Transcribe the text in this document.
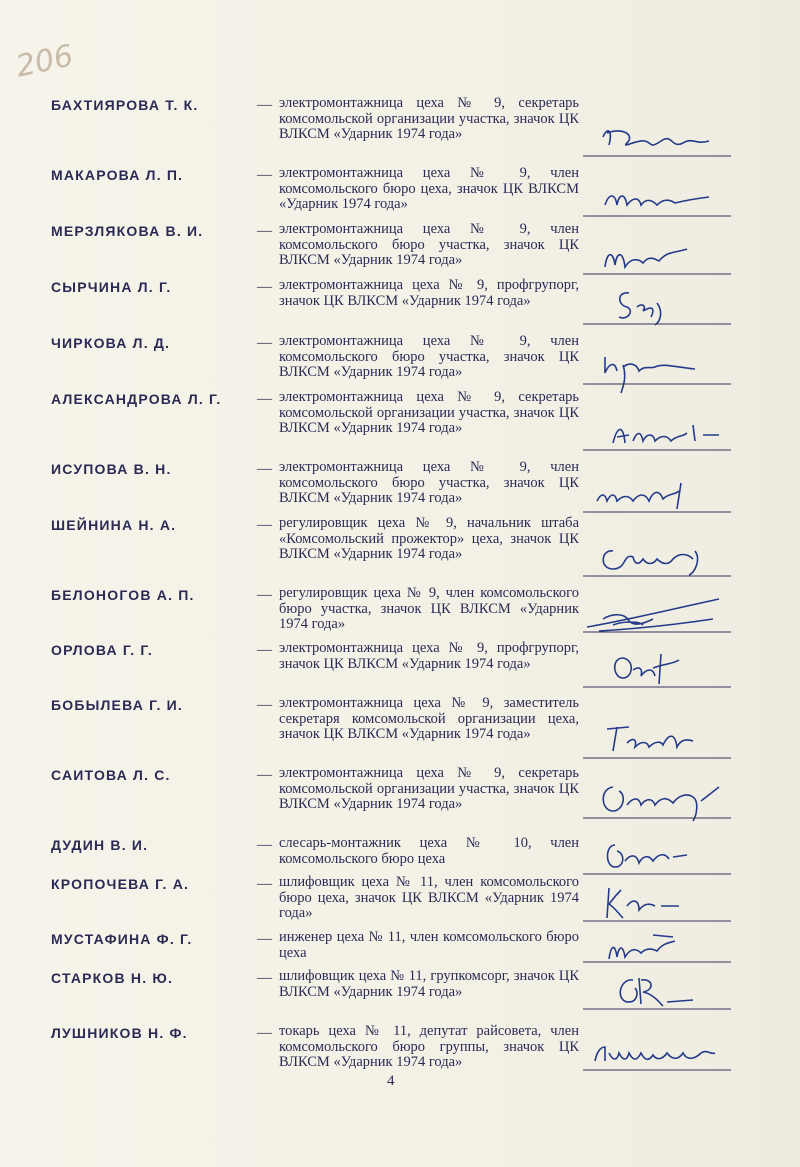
206
БАХТИЯРОВА Т. К.	— электромонтажница цеха № 9, секретарь комсомольской организации участка, значок ЦК ВЛКСМ «Ударник 1974 года»
МАКАРОВА Л. П.	— электромонтажница цеха № 9, член комсомольского бюро цеха, значок ЦК ВЛКСМ «Ударник 1974 года»
МЕРЗЛЯКОВА В. И.	— электромонтажница цеха № 9, член комсомольского бюро участка, значок ЦК ВЛКСМ «Ударник 1974 года»
СЫРЧИНА Л. Г.	— электромонтажница цеха № 9, профгрупорг, значок ЦК ВЛКСМ «Ударник 1974 года»
ЧИРКОВА Л. Д.	— электромонтажница цеха № 9, член комсомольского бюро участка, значок ЦК ВЛКСМ «Ударник 1974 года»
АЛЕКСАНДРОВА Л. Г. — электромонтажница цеха № 9, секретарь комсомольской организации участка, значок ЦК ВЛКСМ «Ударник 1974 года»
ИСУПОВА В. Н.	— электромонтажница цеха № 9, член комсомольского бюро участка, значок ЦК ВЛКСМ «Ударник 1974 года»
ШЕЙНИНА Н. А.	— регулировщик цеха № 9, начальник штаба «Комсомольский прожектор» цеха, значок ЦК ВЛКСМ «Ударник 1974 года»
БЕЛОНОГОВ А. П.	— регулировщик цеха № 9, член комсомольского бюро участка, значок ЦК ВЛКСМ «Ударник 1974 года»
ОРЛОВА Г. Г.	— электромонтажница цеха № 9, профгрупорг, значок ЦК ВЛКСМ «Ударник 1974 года»
БОБЫЛЕВА Г. И.	— электромонтажница цеха № 9, заместитель секретаря комсомольской организации цеха, значок ЦК ВЛКСМ «Ударник 1974 года»
САИТОВА Л. С.	— электромонтажница цеха № 9, секретарь комсомольской организации участка, значок ЦК ВЛКСМ «Ударник 1974 года»
ДУДИН В. И.	— слесарь-монтажник цеха № 10, член комсомольского бюро цеха
КРОПОЧЕВА Г. А.	— шлифовщик цеха № 11, член комсомольского бюро цеха, значок ЦК ВЛКСМ «Ударник 1974 года»
МУСТАФИНА Ф. Г.	— инженер цеха № 11, член комсомольского бюро цеха
СТАРКОВ Н. Ю.	— шлифовщик цеха № 11, групкомсорг, значок ЦК ВЛКСМ «Ударник 1974 года»
ЛУШНИКОВ Н. Ф.	— токарь цеха № 11, депутат райсовета, член комсомольского бюро группы, значок ЦК ВЛКСМ «Ударник 1974 года»
4
